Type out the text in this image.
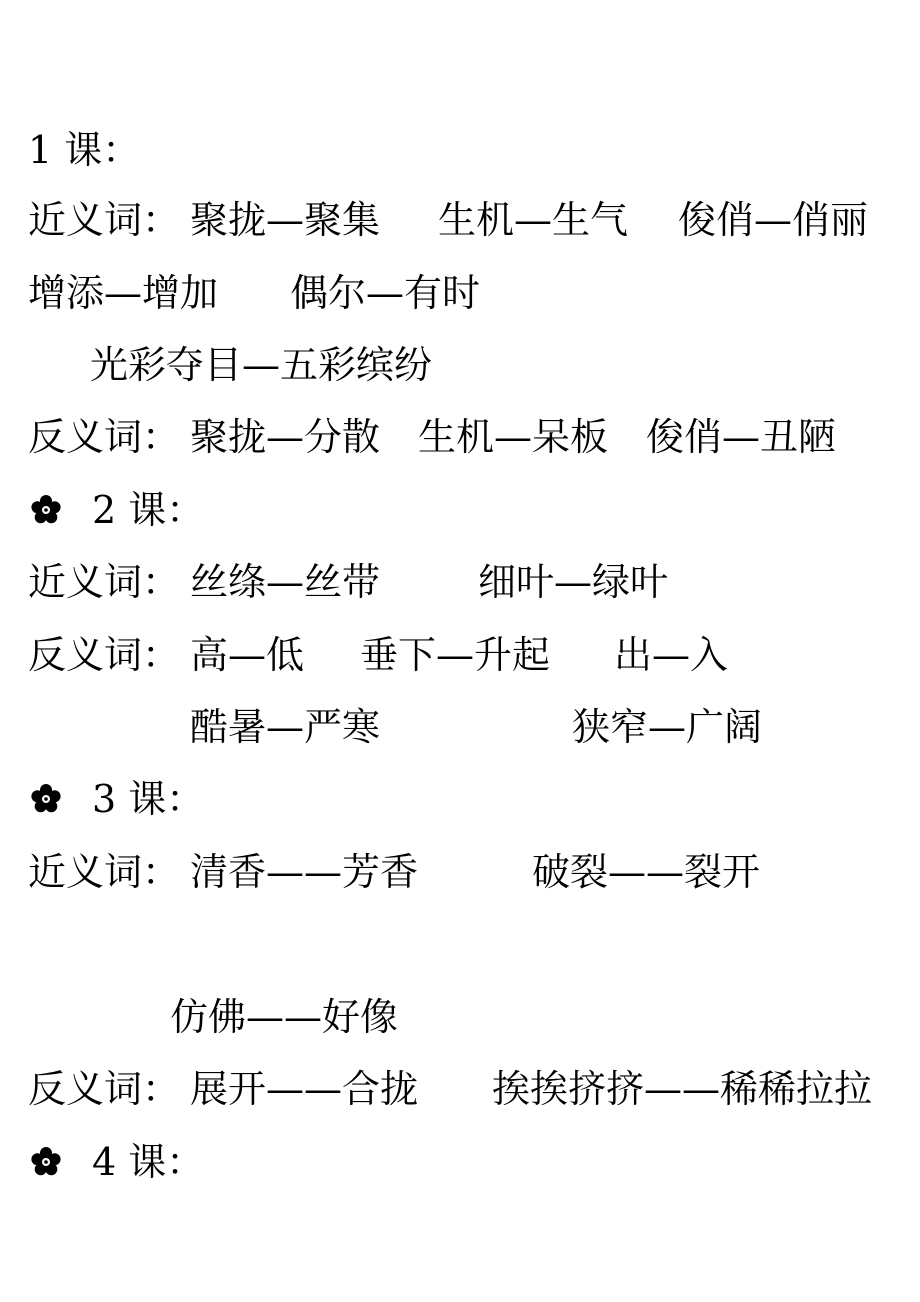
1 课：
近义词： 聚拢—聚集 生机—生气 俊俏—俏丽
增添—增加 偶尔—有时
光彩夺目—五彩缤纷
反义词： 聚拢—分散 生机—呆板 俊俏—丑陋
2 课：
近义词： 丝绦—丝带	细叶—绿叶
反义词： 高—低 垂下—升起 出—入
酷暑—严寒	狭窄—广阔
3 课：
近义词： 清香——芳香	破裂——裂开
仿佛——好像
反义词： 展开——合拢 挨挨挤挤——稀稀拉拉
4 课：
